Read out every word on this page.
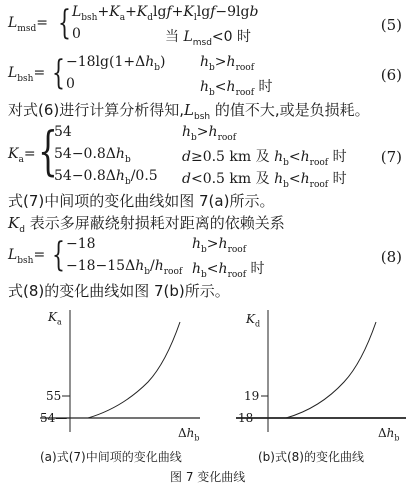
$L_{msd}=$ { $L_{bsh}+K_a+K_d\lg f+K_l\lg f-9\lg b$
0	当 $L_{msd}<0$ 时
(5)
$L_{bsh}=$ { $-18\lg(1+\Delta h_b)$ $h_b>h_{roof}$
0	$h_b<h_{roof}$ 时
(6)
对式(6)进行计算分析得知$,L_{bsh}$ 的值不大,或是负损耗。
$K_a=$ {
54	$h_b>h_{roof}$
$54-0.8\Delta h_b$	d≥0.5 km 及 $h_b<h_{roof}$ 时
$54-0.8\Delta h_b/0.5$ d<0.5 km 及 $h_b<h_{roof}$ 时
(7)
式(7)中间项的变化曲线如图 7(a)所示。
$K_d$ 表示多屏蔽绕射损耗对距离的依赖关系
$L_{bsh}=$ { −18	$h_b>h_{roof}$
$-18-15\Delta h_b/h_{roof}$ $h_b<h_{roof}$ 时
(8)
式(8)的变化曲线如图 7(b)所示。
$K_a$
55
54—
$\Delta h_b$
(a)式(7)中间项的变化曲线
$K_d$
19
18
$\Delta h_b$
(b)式(8)的变化曲线
图 7 变化曲线
